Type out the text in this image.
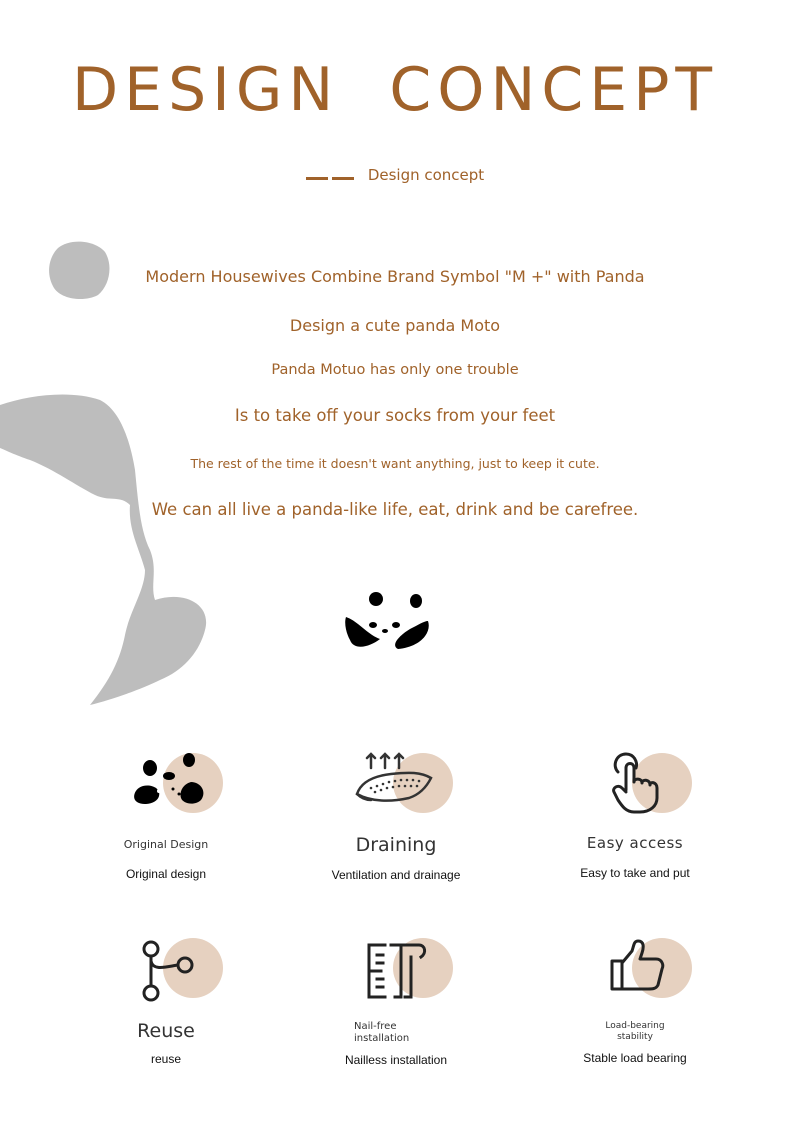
DESIGN  CONCEPT
Design concept
Modern Housewives Combine Brand Symbol "M +" with Panda
Design a cute panda Moto
Panda Motuo has only one trouble
Is to take off your socks from your feet
The rest of the time it doesn't want anything, just to keep it cute.
We can all live a panda-like life, eat, drink and be carefree.
Original Design
Original design
Draining
Ventilation and drainage
Easy access
Easy to take and put
Reuse
reuse
Nail-free
installation
Nailless installation
Load-bearing
stability
Stable load bearing
